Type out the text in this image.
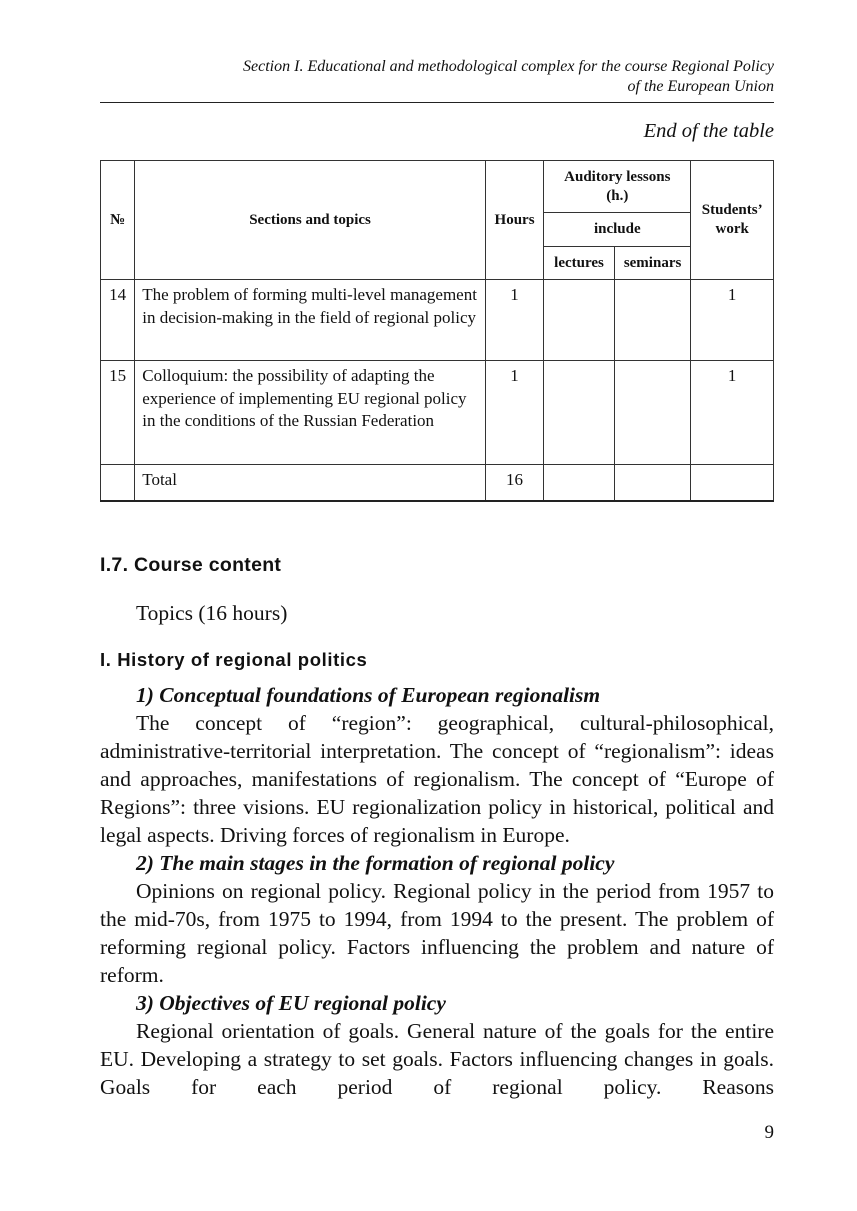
Section I. Educational and methodological complex for the course Regional Policy
of the European Union
End of the table
№	Sections and topics	Hours	Auditory lessons (h.)		Students’ work
			include		
			lectures	seminars	
14	The problem of forming multi-level management in decision-making in the field of regional policy	1			1
15	Colloquium: the possibility of adapting the experience of implementing EU regional policy in the conditions of the Russian Federation	1			1
	Total	16			
I.7. Course content
Topics (16 hours)
I. History of regional politics
1) Conceptual foundations of European regionalism
The concept of “region”: geographical, cultural-philosophical, administrative-territorial interpretation. The concept of “regionalism”: ideas and approaches, manifestations of regionalism. The concept of “Europe of Regions”: three visions. EU regionalization policy in historical, political and legal aspects. Driving forces of regionalism in Europe.
2) The main stages in the formation of regional policy
Opinions on regional policy. Regional policy in the period from 1957 to the mid-70s, from 1975 to 1994, from 1994 to the present. The problem of reforming regional policy. Factors influencing the problem and nature of reform.
3) Objectives of EU regional policy
Regional orientation of goals. General nature of the goals for the entire EU. Developing a strategy to set goals. Factors influencing changes in goals. Goals for each period of regional policy. Reasons
9
